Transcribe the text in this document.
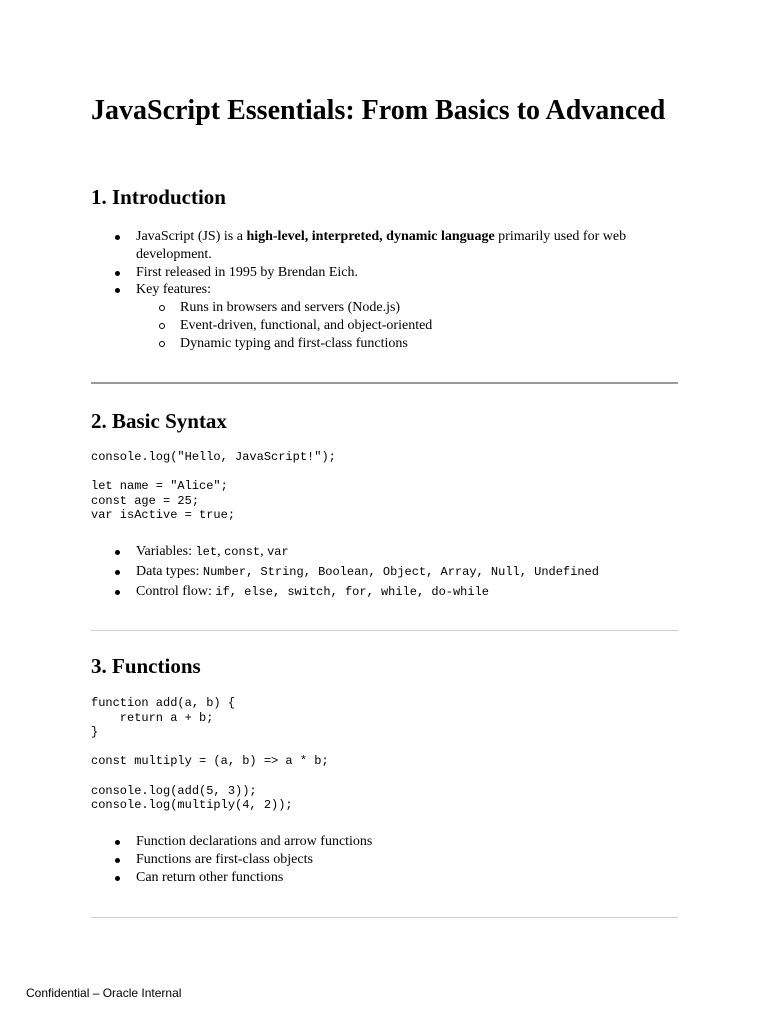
JavaScript Essentials: From Basics to Advanced
1. Introduction
JavaScript (JS) is a high-level, interpreted, dynamic language primarily used for web development.
First released in 1995 by Brendan Eich.
Key features:
Runs in browsers and servers (Node.js)
Event-driven, functional, and object-oriented
Dynamic typing and first-class functions
2. Basic Syntax
console.log("Hello, JavaScript!");

let name = "Alice";
const age = 25;
var isActive = true;
Variables: let, const, var
Data types: Number, String, Boolean, Object, Array, Null, Undefined
Control flow: if, else, switch, for, while, do-while
3. Functions
function add(a, b) {
return a + b;
}

const multiply = (a, b) => a * b;

console.log(add(5, 3));
console.log(multiply(4, 2));
Function declarations and arrow functions
Functions are first-class objects
Can return other functions
Confidential – Oracle Internal
